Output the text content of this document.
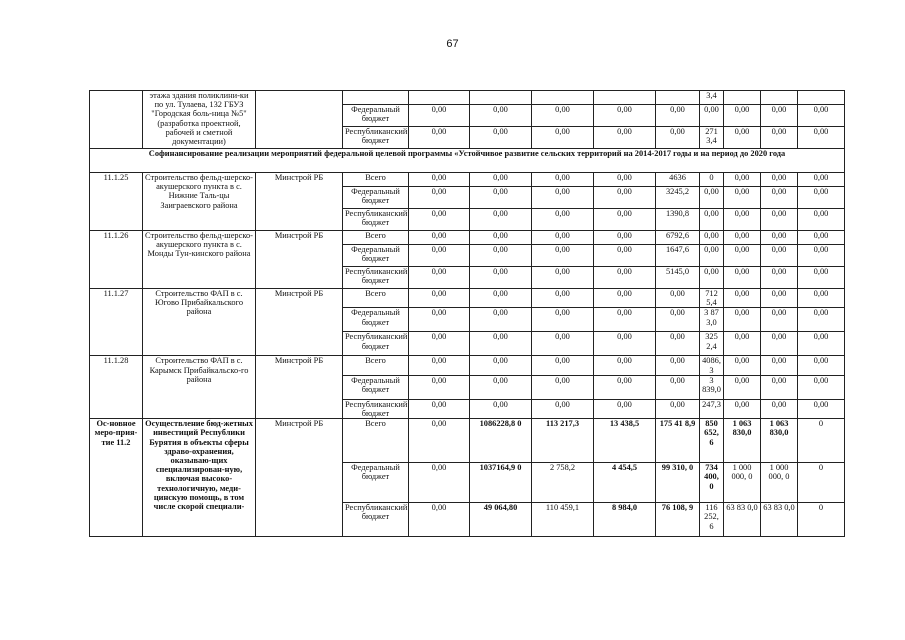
67
	этажа здания поликлини-ки по ул. Тулаева, 132 ГБУЗ "Городская боль-ница №5"(разработка проектной, рабочей и сметной документации)								3,4			
			Федеральный бюджет	0,00	0,00	0,00	0,00	0,00	0,00	0,00	0,00	0,00
			Республиканский бюджет	0,00	0,00	0,00	0,00	0,00	271 3,4	0,00	0,00	0,00
Софинансирование реализации мероприятий федеральной целевой программы «Устойчивое развитие сельских территорий на 2014-2017 годы и на период до 2020 года												
11.1.25	Строительство фельд-шерско-акушерского пункта в с. Нижние Таль-цы Заиграевского района	Минстрой РБ	Всего	0,00	0,00	0,00	0,00	4636	0	0,00	0,00	0,00
			Федеральный бюджет	0,00	0,00	0,00	0,00	3245,2	0,00	0,00	0,00	0,00
			Республиканский бюджет	0,00	0,00	0,00	0,00	1390,8	0,00	0,00	0,00	0,00
11.1.26	Строительство фельд-шерско-акушерского пункта в с. Монды Тун-кинского района	Минстрой РБ	Всего	0,00	0,00	0,00	0,00	6792,6	0,00	0,00	0,00	0,00
			Федеральный бюджет	0,00	0,00	0,00	0,00	1647,6	0,00	0,00	0,00	0,00
			Республиканский бюджет	0,00	0,00	0,00	0,00	5145,0	0,00	0,00	0,00	0,00
11.1.27	Строительство ФАП в с. Югово Прибайкальского района	Минстрой РБ	Всего	0,00	0,00	0,00	0,00	0,00	712 5,4	0,00	0,00	0,00
			Федеральный бюджет	0,00	0,00	0,00	0,00	0,00	3 87 3,0	0,00	0,00	0,00
			Республиканский бюджет	0,00	0,00	0,00	0,00	0,00	325 2,4	0,00	0,00	0,00
11.1.28	Строительство ФАП в с. Карымск Прибайкальско-го района	Минстрой РБ	Всего	0,00	0,00	0,00	0,00	0,00	4086, 3	0,00	0,00	0,00
			Федеральный бюджет	0,00	0,00	0,00	0,00	0,00	3 839,0	0,00	0,00	0,00
			Республиканский бюджет	0,00	0,00	0,00	0,00	0,00	247,3	0,00	0,00	0,00
Ос-новное меро-прия-тие 11.2	Осуществление бюд-жетных инвестиций Республики Бурятия в объекты сферы здраво-охранения, оказываю-щих специализирован-ную, включая высоко-технологичную, меди-цинскую помощь, в том числе скорой специали-	Минстрой РБ	Всего	0,00	1086228,8 0	113 217,3	13 438,5	175 41 8,9	850 652, 6	1 063 830,0	1 063 830,0	0
			Федеральный бюджет	0,00	1037164,9 0	2 758,2	4 454,5	99 310, 0	734 400, 0	1 000 000, 0	1 000 000, 0	0
			Республиканский бюджет	0,00	49 064,80	110 459,1	8 984,0	76 108, 9	116 252, 6	63 83 0,0	63 83 0,0	0
